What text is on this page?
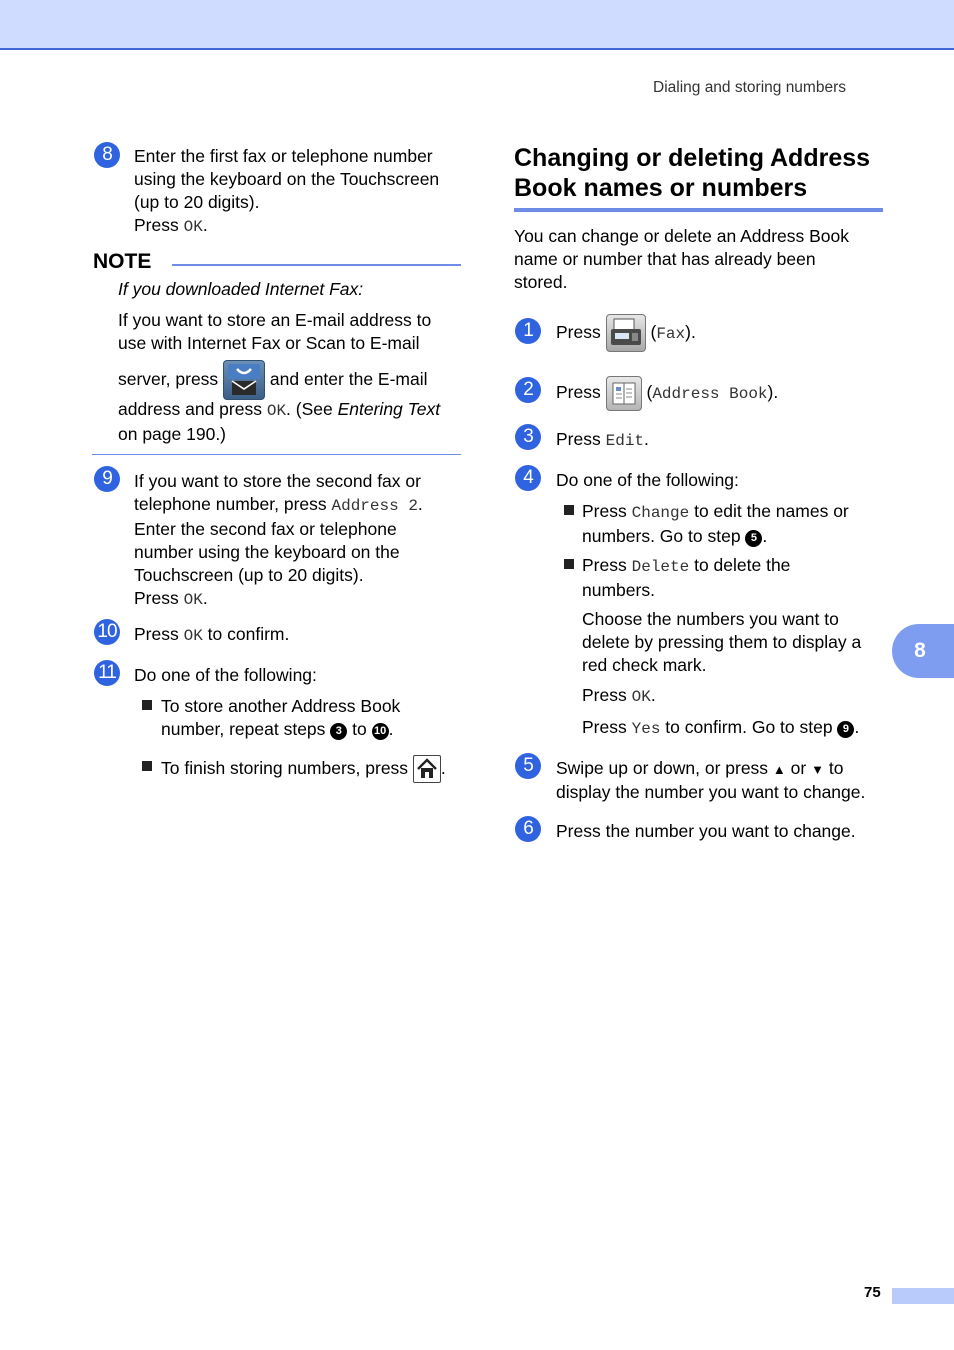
Dialing and storing numbers
8	Enter the first fax or telephone number
using the keyboard on the Touchscreen
(up to 20 digits).
Press OK.
NOTE
If you downloaded Internet Fax:
If you want to store an E-mail address to
use with Internet Fax or Scan to E-mail
server, press  and enter the E-mail
address and press OK. (See Entering Text
on page 190.)
9	If you want to store the second fax or
telephone number, press Address 2.
Enter the second fax or telephone
number using the keyboard on the
Touchscreen (up to 20 digits).
Press OK.
10 Press OK to confirm.
11 Do one of the following:
To store another Address Book
number, repeat steps 3 to 10 .
To finish storing numbers, press .
Changing or deleting Address
Book names or numbers
You can change or delete an Address Book
name or number that has already been
stored.
1	Press  (Fax).
2	Press  (Address Book).
3	Press Edit.
4	Do one of the following:
Press Change to edit the names or
numbers. Go to step 5 .
Press Delete to delete the
numbers.
Choose the numbers you want to
delete by pressing them to display a
red check mark.
Press OK.
Press Yes to confirm. Go to step 9 .
5	Swipe up or down, or press ▲ or ▼ to
display the number you want to change.
6	Press the number you want to change.
8
75
